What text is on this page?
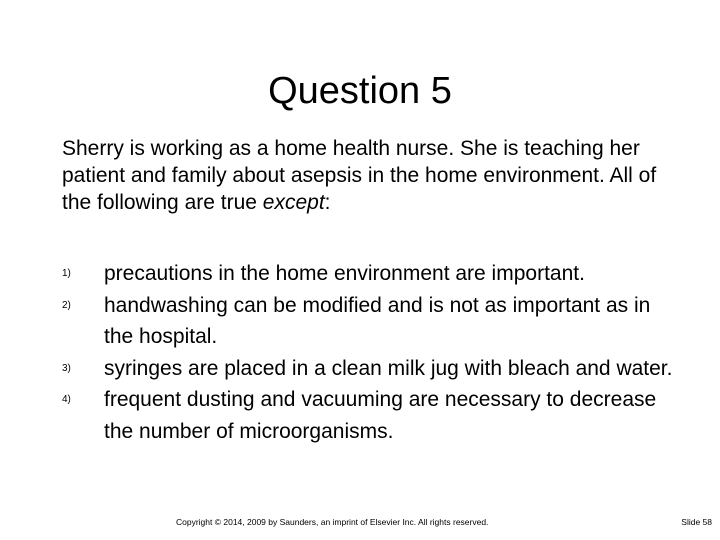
Question 5

Sherry is working as a home health nurse. She is teaching her patient and family about asepsis in the home environment. All of the following are true except:

1)	precautions in the home environment are important.
2)	handwashing can be modified and is not as important as in the hospital.
3)	syringes are placed in a clean milk jug with bleach and water.
4)	frequent dusting and vacuuming are necessary to decrease the number of microorganisms.
Copyright © 2014, 2009 by Saunders, an imprint of Elsevier Inc. All rights reserved.	Slide 58
